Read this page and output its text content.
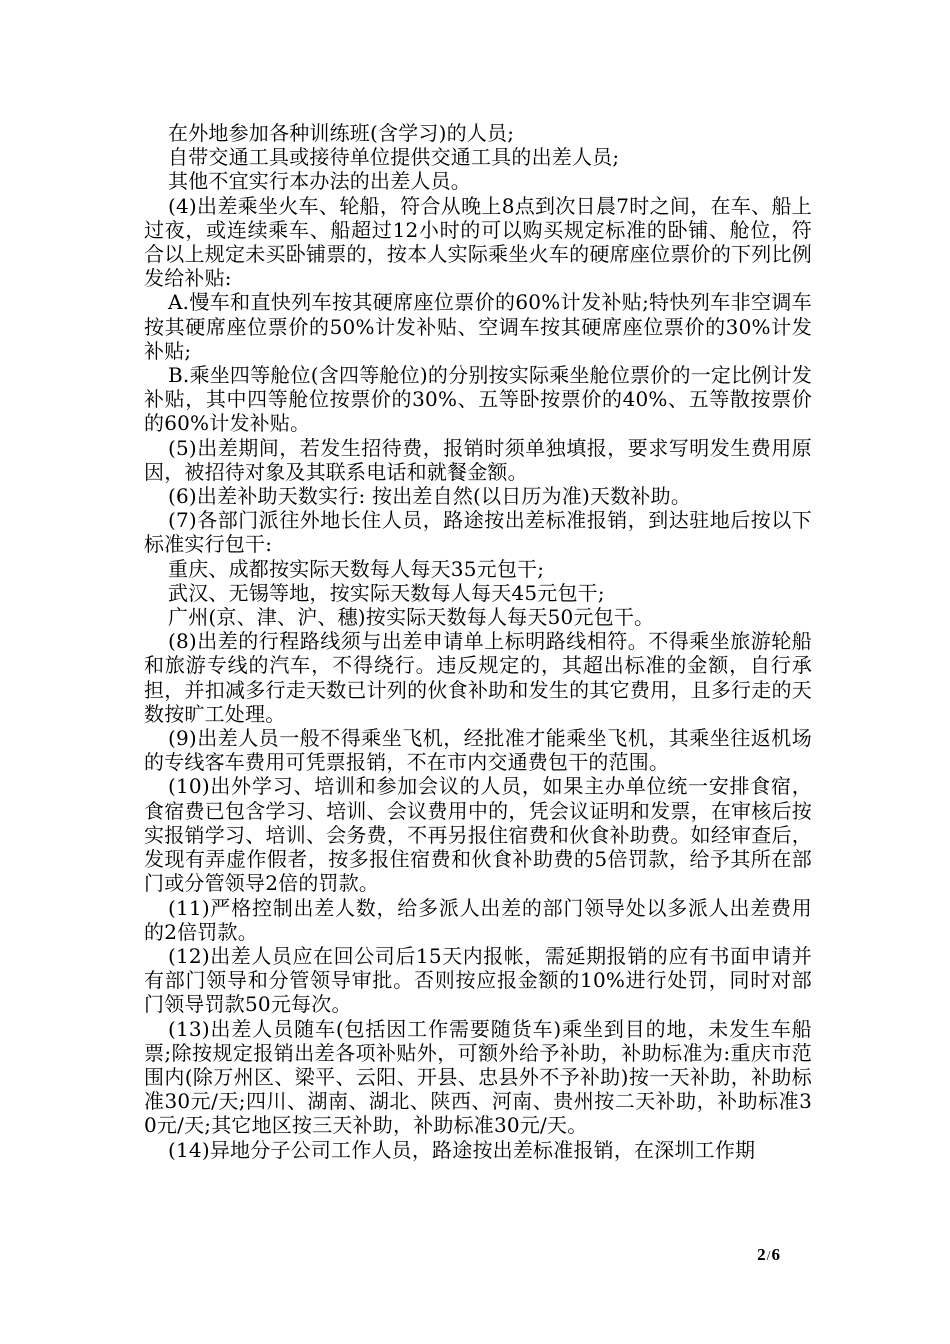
在外地参加各种训练班(含学习)的人员;

自带交通工具或接待单位提供交通工具的出差人员;

其他不宜实行本办法的出差人员。

(4)出差乘坐火车、轮船，符合从晚上8点到次日晨7时之间，在车、船上过夜，或连续乘车、船超过12小时的可以购买规定标准的卧铺、舱位，符合以上规定未买卧铺票的，按本人实际乘坐火车的硬席座位票价的下列比例发给补贴:

A.慢车和直快列车按其硬席座位票价的60%计发补贴;特快列车非空调车按其硬席座位票价的50%计发补贴、空调车按其硬席座位票价的30%计发补贴;

B.乘坐四等舱位(含四等舱位)的分别按实际乘坐舱位票价的一定比例计发补贴，其中四等舱位按票价的30%、五等卧按票价的40%、五等散按票价的60%计发补贴。

(5)出差期间，若发生招待费，报销时须单独填报，要求写明发生费用原因，被招待对象及其联系电话和就餐金额。

(6)出差补助天数实行: 按出差自然(以日历为准)天数补助。

(7)各部门派往外地长住人员，路途按出差标准报销，到达驻地后按以下标准实行包干:

重庆、成都按实际天数每人每天35元包干;

武汉、无锡等地，按实际天数每人每天45元包干;

广州(京、津、沪、穗)按实际天数每人每天50元包干。

(8)出差的行程路线须与出差申请单上标明路线相符。不得乘坐旅游轮船和旅游专线的汽车，不得绕行。违反规定的，其超出标准的金额，自行承担，并扣减多行走天数已计列的伙食补助和发生的其它费用，且多行走的天数按旷工处理。

(9)出差人员一般不得乘坐飞机，经批准才能乘坐飞机，其乘坐往返机场的专线客车费用可凭票报销，不在市内交通费包干的范围。

(10)出外学习、培训和参加会议的人员，如果主办单位统一安排食宿，食宿费已包含学习、培训、会议费用中的，凭会议证明和发票，在审核后按实报销学习、培训、会务费，不再另报住宿费和伙食补助费。如经审查后，发现有弄虚作假者，按多报住宿费和伙食补助费的5倍罚款，给予其所在部门或分管领导2倍的罚款。

(11)严格控制出差人数，给多派人出差的部门领导处以多派人出差费用的2倍罚款。

(12)出差人员应在回公司后15天内报帐，需延期报销的应有书面申请并有部门领导和分管领导审批。否则按应报金额的10%进行处罚，同时对部门领导罚款50元每次。

(13)出差人员随车(包括因工作需要随货车)乘坐到目的地，未发生车船票;除按规定报销出差各项补贴外，可额外给予补助，补助标准为:重庆市范围内(除万州区、梁平、云阳、开县、忠县外不予补助)按一天补助，补助标准30元/天;四川、湖南、湖北、陕西、河南、贵州按二天补助，补助标准30元/天;其它地区按三天补助，补助标准30元/天。

(14)异地分子公司工作人员，路途按出差标准报销，在深圳工作期

2/6
